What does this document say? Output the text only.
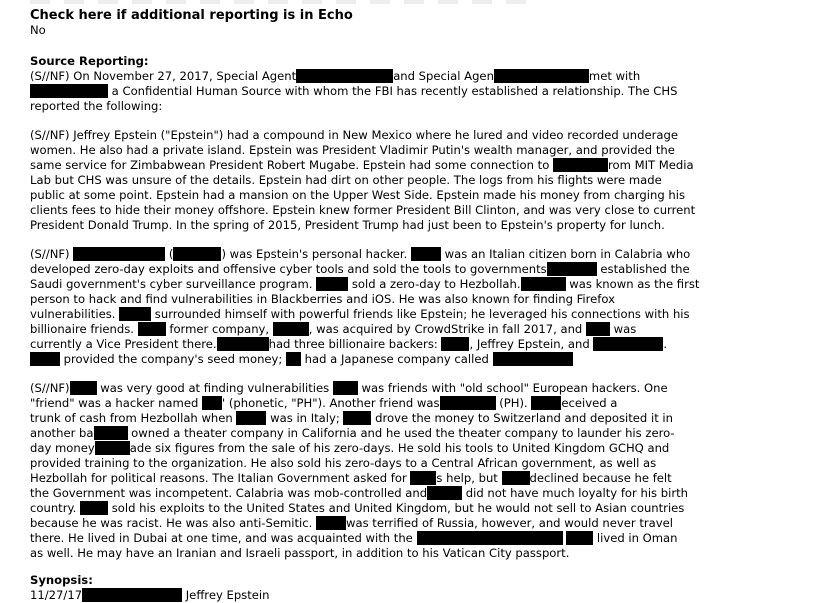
Check here if additional reporting is in Echo
No
Source Reporting:
(S//NF) On November 27, 2017, Special Agent	and Special Agen	met with
a Confidential Human Source with whom the FBI has recently established a relationship. The CHS
reported the following:
(S//NF) Jeffrey Epstein ("Epstein") had a compound in New Mexico where he lured and video recorded underage
women. He also had a private island. Epstein was President Vladimir Putin's wealth manager, and provided the
same service for Zimbabwean President Robert Mugabe. Epstein had some connection to	rom MIT Media
Lab but CHS was unsure of the details. Epstein had dirt on other people. The logs from his flights were made
public at some point. Epstein had a mansion on the Upper West Side. Epstein made his money from charging his
clients fees to hide their money offshore. Epstein knew former President Bill Clinton, and was very close to current
President Donald Trump. In the spring of 2015, President Trump had just been to Epstein's property for lunch.
(S//NF)	(	) was Epstein's personal hacker.	was an Italian citizen born in Calabria who
developed zero-day exploits and offensive cyber tools and sold the tools to governments	established the
Saudi government's cyber surveillance program.	sold a zero-day to Hezbollah.	was known as the first
person to hack and find vulnerabilities in Blackberries and iOS. He was also known for finding Firefox
vulnerabilities.	surrounded himself with powerful friends like Epstein; he leveraged his connections with his
billionaire friends.  former company,	, was acquired by CrowdStrike in fall 2017, and  was
currently a Vice President there.	had three billionaire backers: , Jeffrey Epstein, and	.
provided the company's seed money;  had a Japanese company called
(S//NF) was very good at finding vulnerabilities  was friends with "old school" European hackers. One
"friend" was a hacker named ' (phonetic, "PH"). Another friend was	(PH).	eceived a
trunk of cash from Hezbollah when	was in Italy;  drove the money to Switzerland and deposited it in
another ba	owned a theater company in California and he used the theater company to launder his zero-
day money	ade six figures from the sale of his zero-days. He sold his tools to United Kingdom GCHQ and
provided training to the organization. He also sold his zero-days to a Central African government, as well as
Hezbollah for political reasons. The Italian Government asked for s help, but declined because he felt
the Government was incompetent. Calabria was mob-controlled and	did not have much loyalty for his birth
country.  sold his exploits to the United States and United Kingdom, but he would not sell to Asian countries
because he was racist. He was also anti-Semitic.	was terrified of Russia, however, and would never travel
there. He lived in Dubai at one time, and was acquainted with the	lived in Oman
as well. He may have an Iranian and Israeli passport, in addition to his Vatican City passport.
Synopsis:
11/27/17	Jeffrey Epstein
